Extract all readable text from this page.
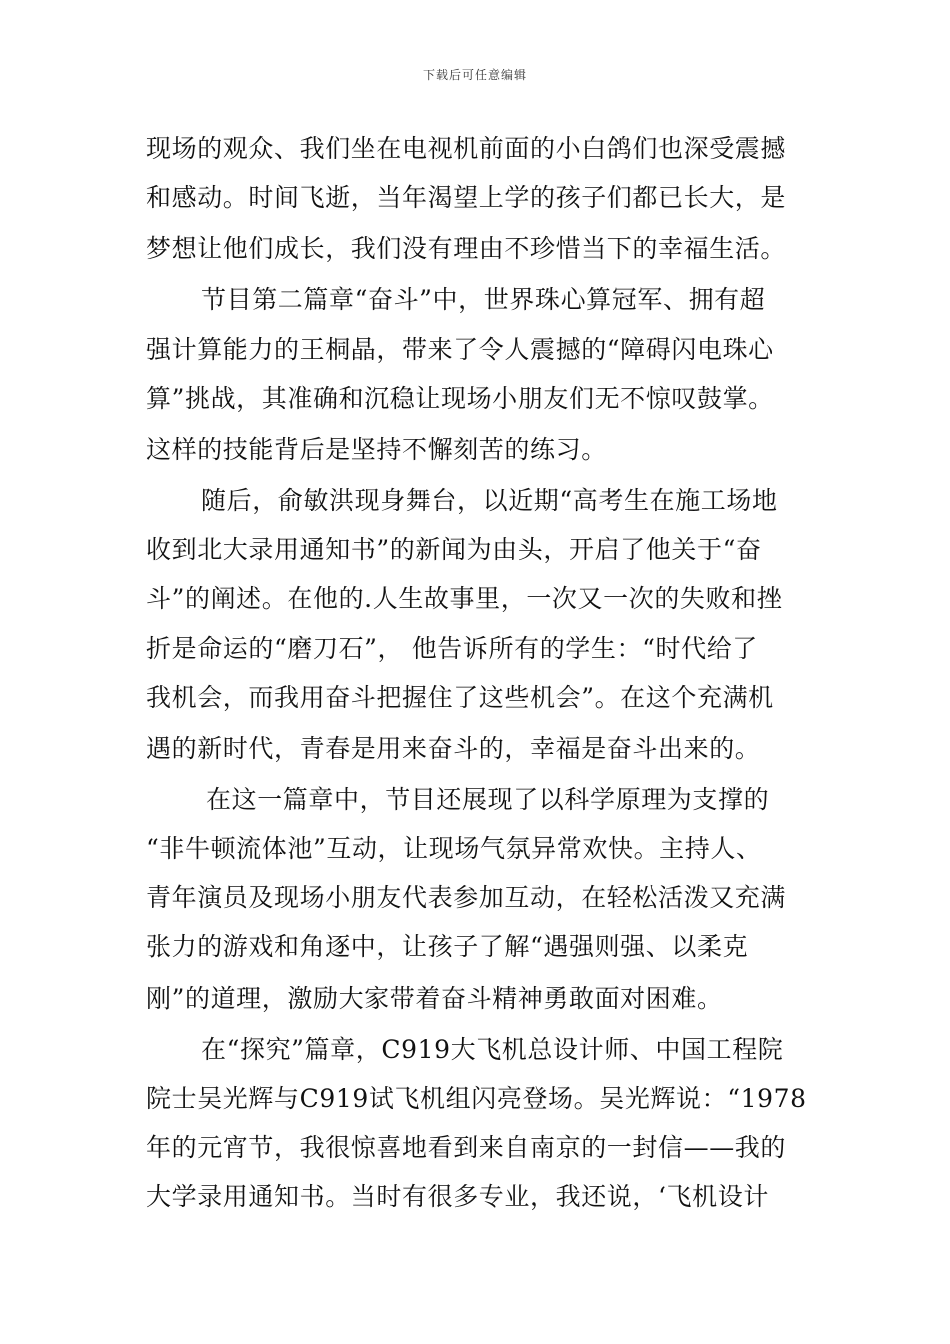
下载后可任意编辑
现场的观众、我们坐在电视机前面的小白鸽们也深受震撼
和感动。时间飞逝，当年渴望上学的孩子们都已长大，是
梦想让他们成长，我们没有理由不珍惜当下的幸福生活。
节目第二篇章“奋斗”中，世界珠心算冠军、拥有超
强计算能力的王桐晶，带来了令人震撼的“障碍闪电珠心
算”挑战，其准确和沉稳让现场小朋友们无不惊叹鼓掌。
这样的技能背后是坚持不懈刻苦的练习。
随后，俞敏洪现身舞台，以近期“高考生在施工场地
收到北大录用通知书”的新闻为由头，开启了他关于“奋
斗”的阐述。在他的.人生故事里，一次又一次的失败和挫
折是命运的“磨刀石”， 他告诉所有的学生：“时代给了
我机会，而我用奋斗把握住了这些机会”。在这个充满机
遇的新时代，青春是用来奋斗的，幸福是奋斗出来的。
在这一篇章中，节目还展现了以科学原理为支撑的
“非牛顿流体池”互动，让现场气氛异常欢快。主持人、
青年演员及现场小朋友代表参加互动，在轻松活泼又充满
张力的游戏和角逐中，让孩子了解“遇强则强、以柔克
刚”的道理，激励大家带着奋斗精神勇敢面对困难。
在“探究”篇章，C919大飞机总设计师、中国工程院
院士吴光辉与C919试飞机组闪亮登场。吴光辉说：“1978
年的元宵节，我很惊喜地看到来自南京的一封信——我的
大学录用通知书。当时有很多专业，我还说，‘飞机设计
